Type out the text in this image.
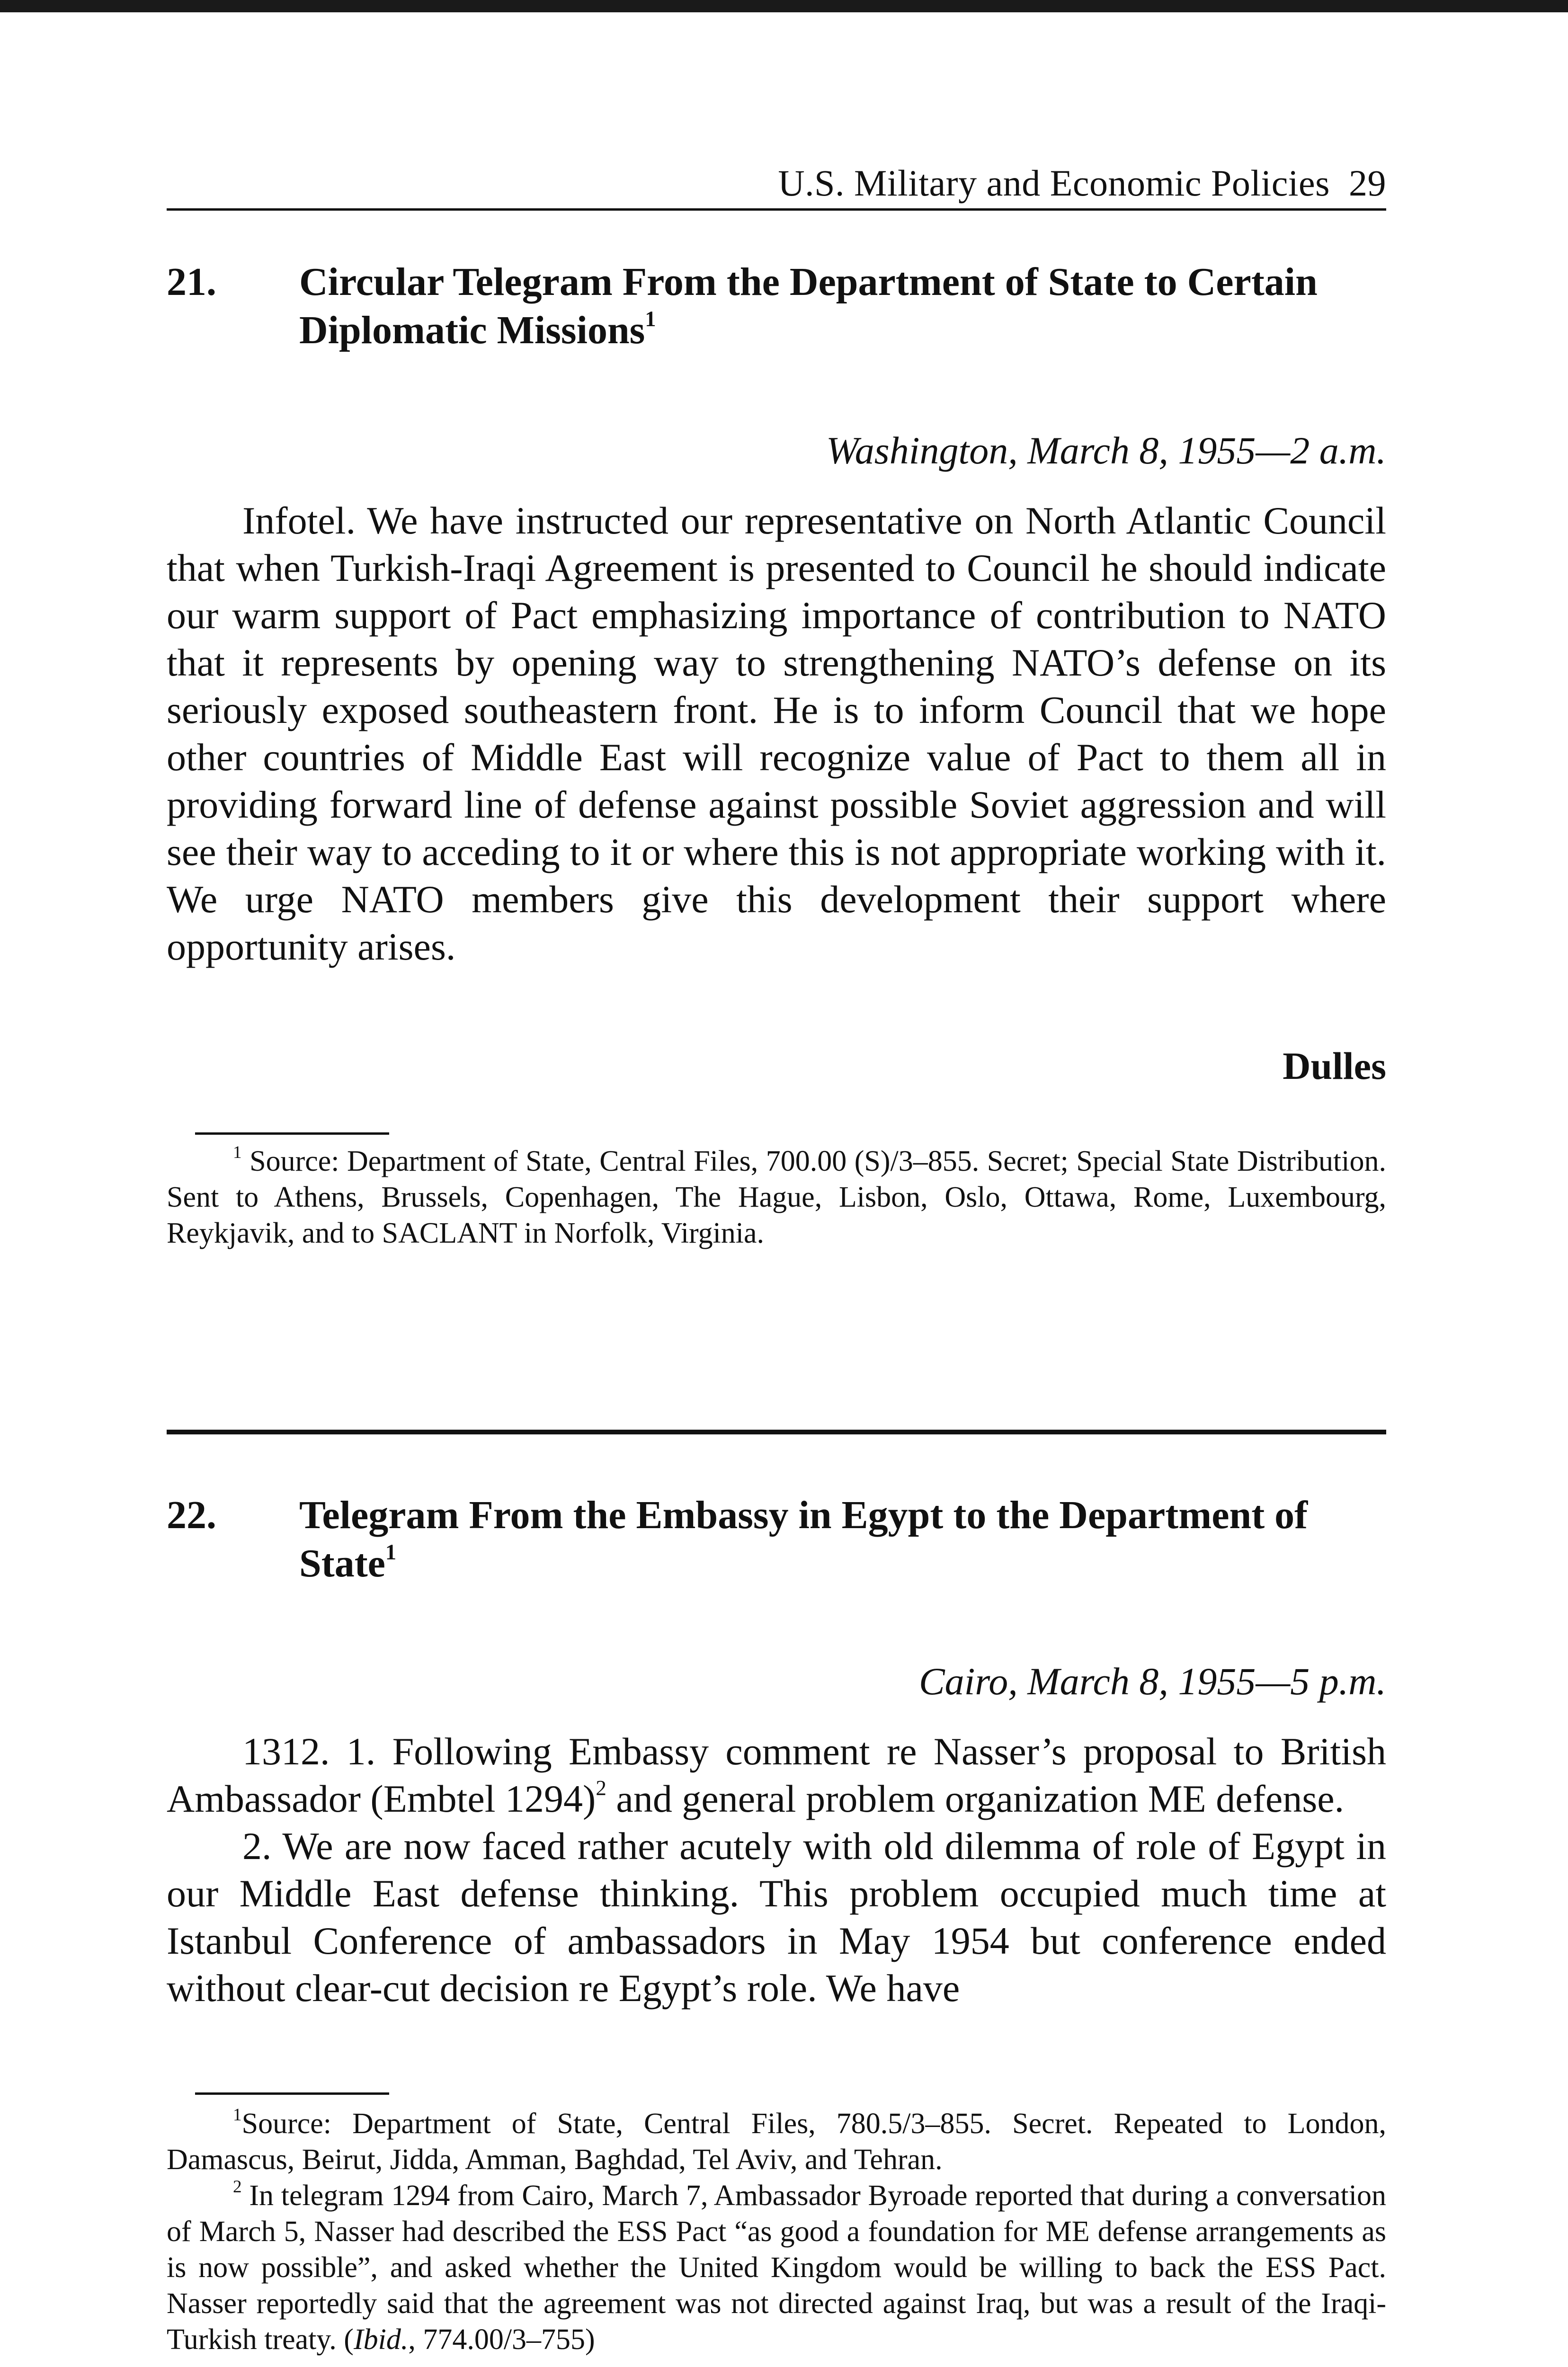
U.S. Military and Economic Policies  29
21. Circular Telegram From the Department of State to Certain Diplomatic Missions$^1$
Washington, March 8, 1955—2 a.m.

Infotel. We have instructed our representative on North Atlantic Council that when Turkish-Iraqi Agreement is presented to Council he should indicate our warm support of Pact emphasizing importance of contribution to NATO that it represents by opening way to strengthening NATO’s defense on its seriously exposed southeastern front. He is to inform Council that we hope other countries of Middle East will recognize value of Pact to them all in providing forward line of defense against possible Soviet aggression and will see their way to acceding to it or where this is not appropriate working with it. We urge NATO members give this development their support where opportunity arises.

Dulles

$^1$ Source: Department of State, Central Files, 700.00 (S)/3–855. Secret; Special State Distribution. Sent to Athens, Brussels, Copenhagen, The Hague, Lisbon, Oslo, Ottawa, Rome, Luxembourg, Reykjavik, and to SACLANT in Norfolk, Virginia.

22. Telegram From the Embassy in Egypt to the Department of State$^1$
Cairo, March 8, 1955—5 p.m.

1312. 1. Following Embassy comment re Nasser’s proposal to British Ambassador (Embtel 1294)$^2$ and general problem organization ME defense.

2. We are now faced rather acutely with old dilemma of role of Egypt in our Middle East defense thinking. This problem occupied much time at Istanbul Conference of ambassadors in May 1954 but conference ended without clear-cut decision re Egypt’s role. We have

$^1$Source: Department of State, Central Files, 780.5/3–855. Secret. Repeated to London, Damascus, Beirut, Jidda, Amman, Baghdad, Tel Aviv, and Tehran.

$^2$ In telegram 1294 from Cairo, March 7, Ambassador Byroade reported that during a conversation of March 5, Nasser had described the ESS Pact “as good a foundation for ME defense arrangements as is now possible”, and asked whether the United Kingdom would be willing to back the ESS Pact. Nasser reportedly said that the agreement was not directed against Iraq, but was a result of the Iraqi-Turkish treaty. (Ibid., 774.00/3–755)
